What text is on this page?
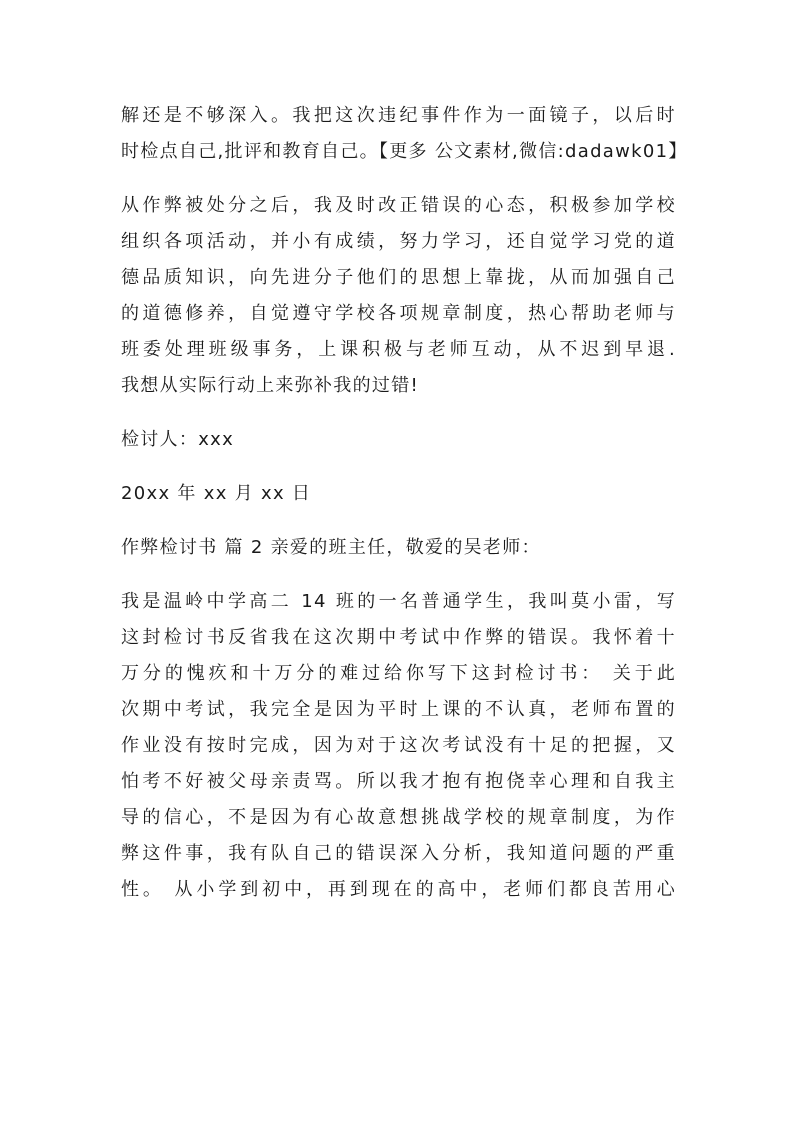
解还是不够深入。我把这次违纪事件作为一面镜子，以后时
时检点自己,批评和教育自己。【更多 公文素材,微信:dadawk01】

从作弊被处分之后，我及时改正错误的心态，积极参加学校
组织各项活动，并小有成绩，努力学习，还自觉学习党的道
德品质知识，向先进分子他们的思想上靠拢，从而加强自己
的道德修养，自觉遵守学校各项规章制度，热心帮助老师与
班委处理班级事务，上课积极与老师互动，从不迟到早退.
我想从实际行动上来弥补我的过错!

检讨人：xxx

20xx 年 xx 月 xx 日

作弊检讨书 篇 2 亲爱的班主任，敬爱的吴老师：

我是温岭中学高二 14 班的一名普通学生，我叫莫小雷，写
这封检讨书反省我在这次期中考试中作弊的错误。我怀着十
万分的愧疚和十万分的难过给你写下这封检讨书： 关于此
次期中考试，我完全是因为平时上课的不认真，老师布置的
作业没有按时完成，因为对于这次考试没有十足的把握，又
怕考不好被父母亲责骂。所以我才抱有抱侥幸心理和自我主
导的信心，不是因为有心故意想挑战学校的规章制度，为作
弊这件事，我有队自己的错误深入分析，我知道问题的严重
性。 从小学到初中，再到现在的高中，老师们都良苦用心
